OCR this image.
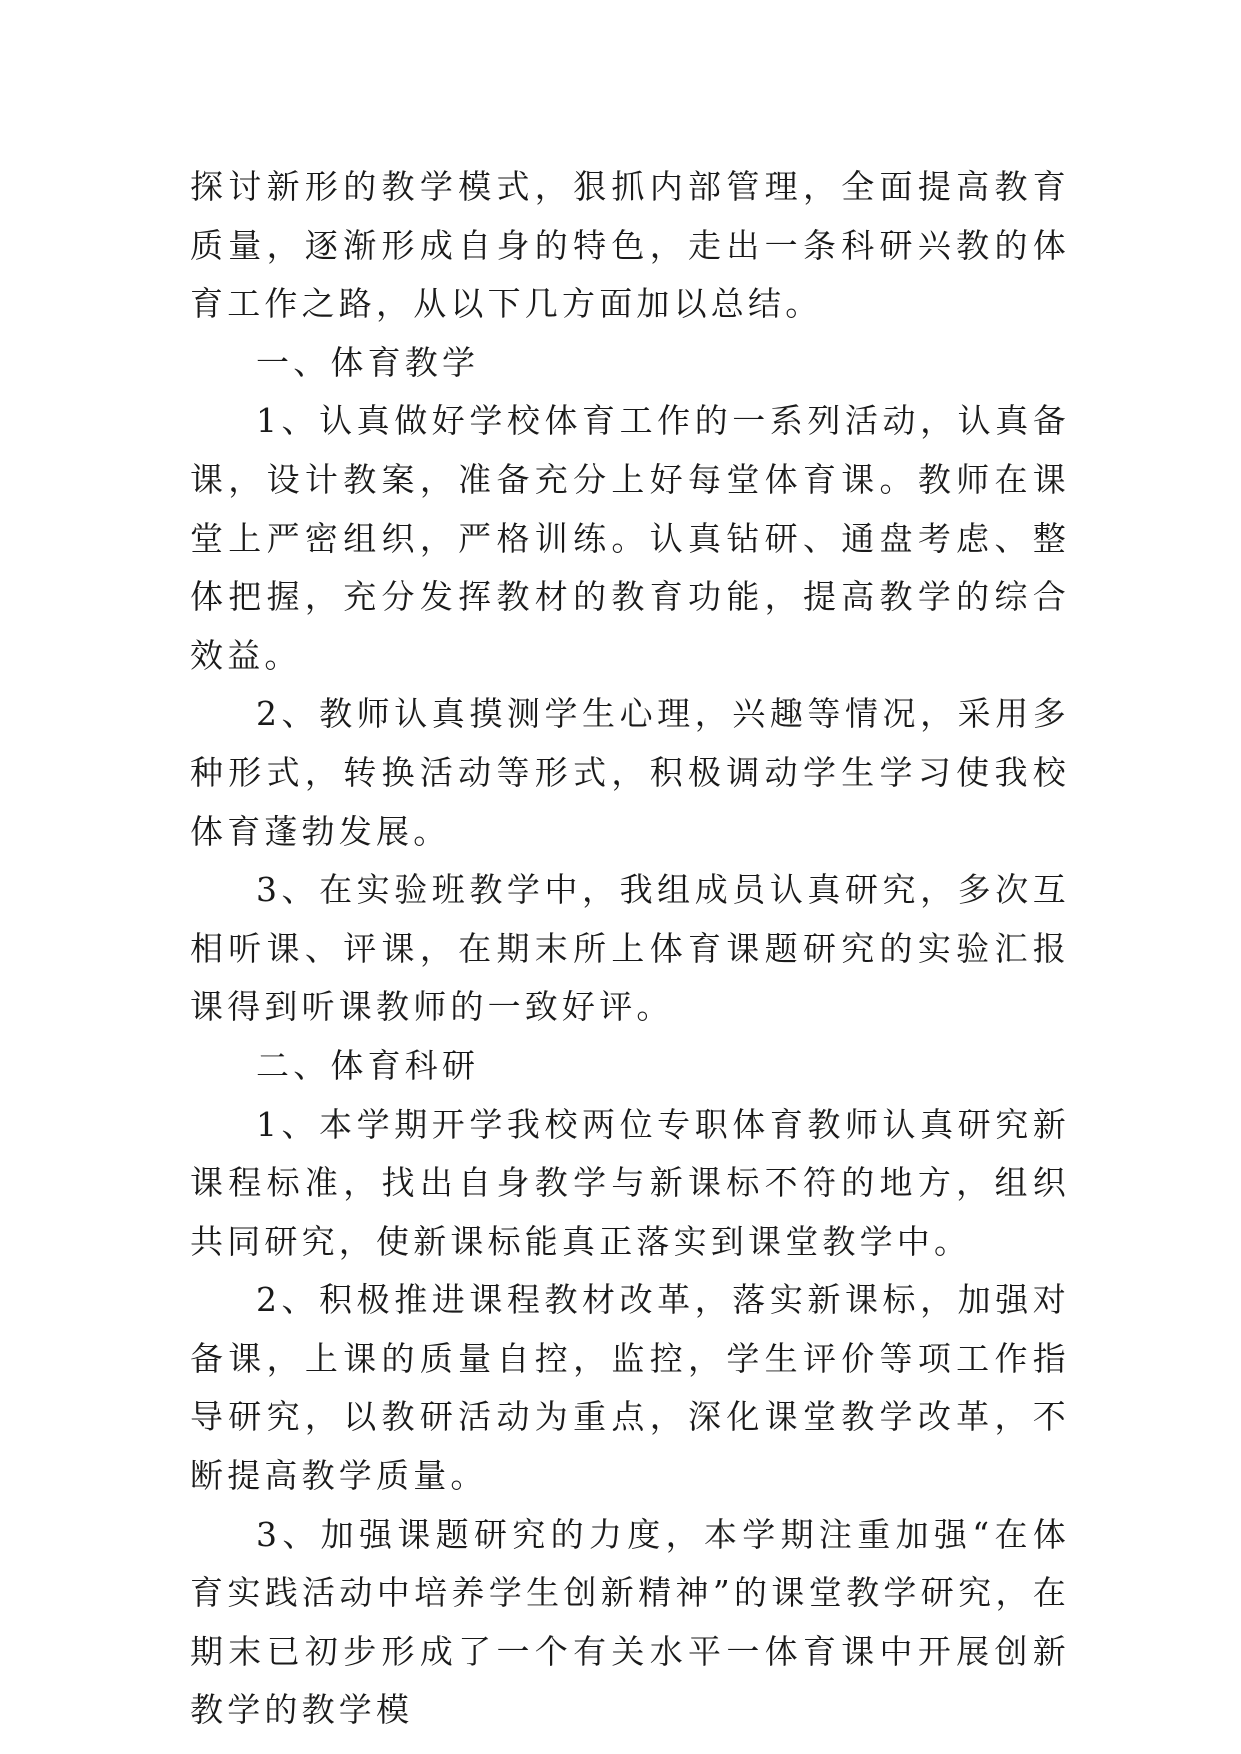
探讨新形的教学模式，狠抓内部管理，全面提高教育质量，逐渐形成自身的特色，走出一条科研兴教的体育工作之路，从以下几方面加以总结。

一、体育教学

1、认真做好学校体育工作的一系列活动，认真备课，设计教案，准备充分上好每堂体育课。教师在课堂上严密组织，严格训练。认真钻研、通盘考虑、整体把握，充分发挥教材的教育功能，提高教学的综合效益。

2、教师认真摸测学生心理，兴趣等情况，采用多种形式，转换活动等形式，积极调动学生学习使我校体育蓬勃发展。

3、在实验班教学中，我组成员认真研究，多次互相听课、评课，在期末所上体育课题研究的实验汇报课得到听课教师的一致好评。

二、体育科研

1、本学期开学我校两位专职体育教师认真研究新课程标准，找出自身教学与新课标不符的地方，组织共同研究，使新课标能真正落实到课堂教学中。

2、积极推进课程教材改革，落实新课标，加强对备课，上课的质量自控，监控，学生评价等项工作指导研究，以教研活动为重点，深化课堂教学改革，不断提高教学质量。

3、加强课题研究的力度，本学期注重加强“在体育实践活动中培养学生创新精神”的课堂教学研究，在期末已初步形成了一个有关水平一体育课中开展创新教学的教学模
